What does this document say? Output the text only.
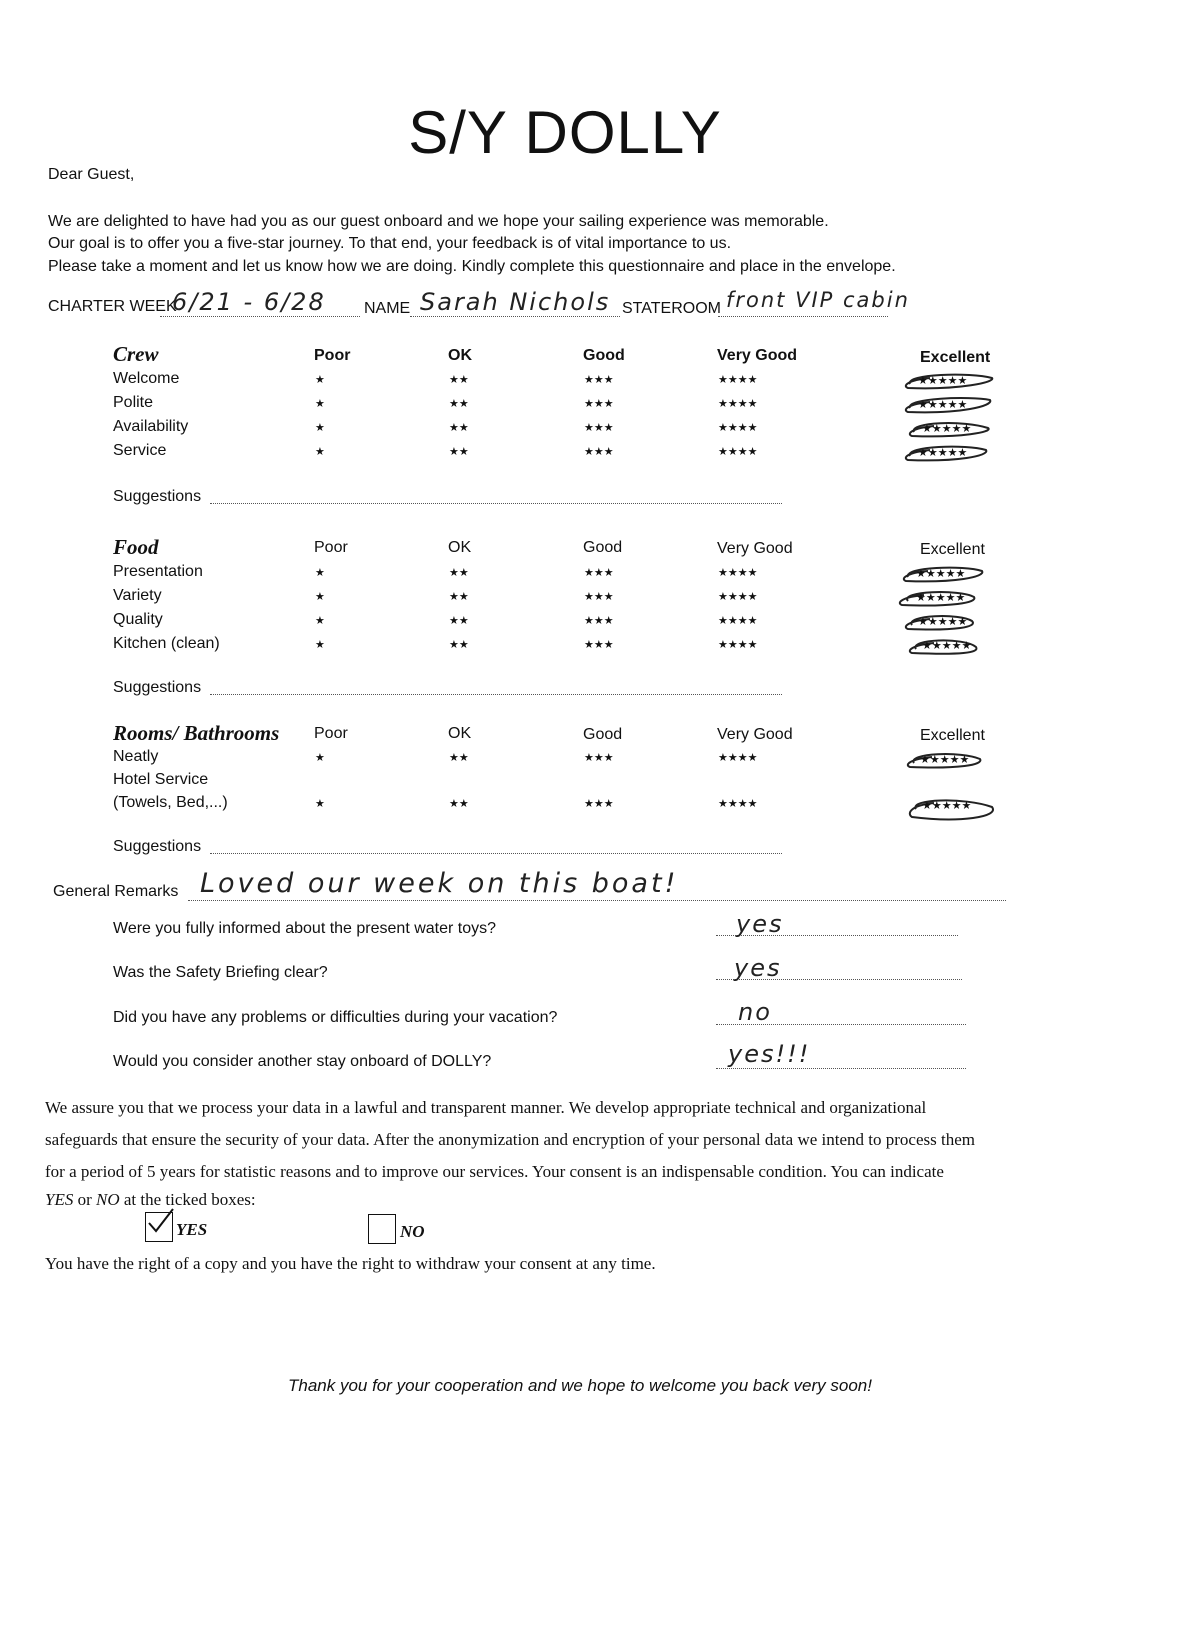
S/Y DOLLY
Dear Guest,
We are delighted to have had you as our guest onboard and we hope your sailing experience was memorable.
Our goal is to offer you a five-star journey. To that end, your feedback is of vital importance to us.
Please take a moment and let us know how we are doing. Kindly complete this questionnaire and place in the envelope.
CHARTER WEEK
6/21 - 6/28 NAME Sarah Nichols STATEROOM front VIP cabin
Crew	Poor	OK	Good	Very Good	Excellent
Welcome	★	★★	★★★	★★★★	★★★★★
Polite	★	★★	★★★	★★★★	★★★★★
Availability	★	★★	★★★	★★★★	★★★★★
Service	★	★★	★★★	★★★★	★★★★★
Suggestions
Food	Poor	OK	Good	Very Good	Excellent
Presentation	★	★★	★★★	★★★★	★★★★★
Variety	★	★★	★★★	★★★★	★★★★★
Quality	★	★★	★★★	★★★★	★★★★★
Kitchen (clean)	★	★★	★★★	★★★★	★★★★★
Suggestions
Rooms/ Bathrooms Poor	OK	Good	Very Good	Excellent
Neatly	★	★★	★★★	★★★★	★★★★★
Hotel Service
(Towels, Bed,...)	★	★★	★★★	★★★★	★★★★★
Suggestions
General Remarks Loved our week on this boat!
Were you fully informed about the present water toys?	yes
Was the Safety Briefing clear?	yes
Did you have any problems or difficulties during your vacation?	no
Would you consider another stay onboard of DOLLY?	yes!!!
We assure you that we process your data in a lawful and transparent manner. We develop appropriate technical and organizational
safeguards that ensure the security of your data. After the anonymization and encryption of your personal data we intend to process them
for a period of 5 years for statistic reasons and to improve our services. Your consent is an indispensable condition. You can indicate
YES or NO at the ticked boxes:
YES	NO
You have the right of a copy and you have the right to withdraw your consent at any time.
Thank you for your cooperation and we hope to welcome you back very soon!
